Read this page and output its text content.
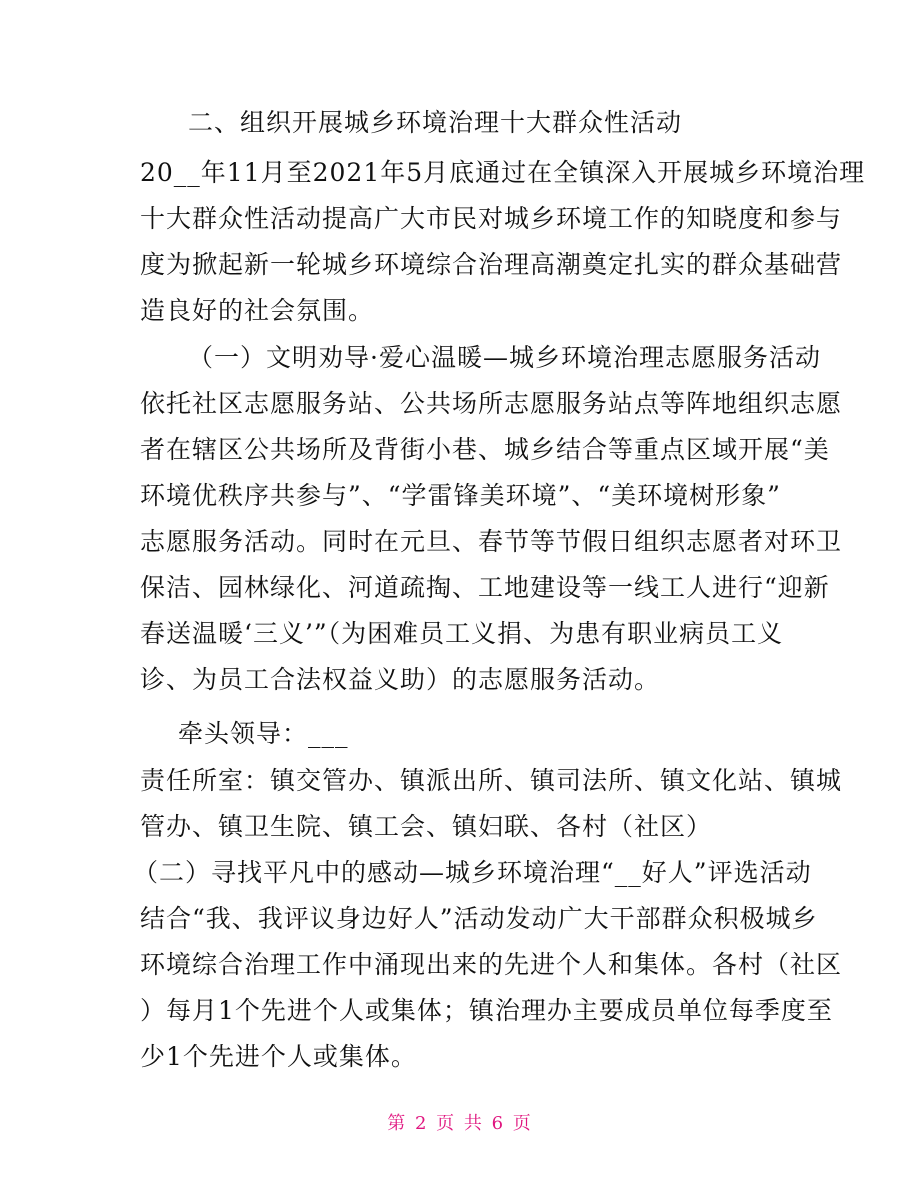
二、组织开展城乡环境治理十大群众性活动
20__年11月至2021年5月底通过在全镇深入开展城乡环境治理
十大群众性活动提高广大市民对城乡环境工作的知晓度和参与
度为掀起新一轮城乡环境综合治理高潮奠定扎实的群众基础营
造良好的社会氛围。
（一）文明劝导·爱心温暖—城乡环境治理志愿服务活动
依托社区志愿服务站、公共场所志愿服务站点等阵地组织志愿
者在辖区公共场所及背街小巷、城乡结合等重点区域开展“美
环境优秩序共参与”、“学雷锋美环境”、“美环境树形象”
志愿服务活动。同时在元旦、春节等节假日组织志愿者对环卫
保洁、园林绿化、河道疏掏、工地建设等一线工人进行“迎新
春送温暖‘三义’”（为困难员工义捐、为患有职业病员工义
诊、为员工合法权益义助）的志愿服务活动。
牵头领导：___
责任所室：镇交管办、镇派出所、镇司法所、镇文化站、镇城
管办、镇卫生院、镇工会、镇妇联、各村（社区）
（二）寻找平凡中的感动—城乡环境治理“__好人”评选活动
结合“我、我评议身边好人”活动发动广大干部群众积极城乡
环境综合治理工作中涌现出来的先进个人和集体。各村（社区
）每月1个先进个人或集体；镇治理办主要成员单位每季度至
少1个先进个人或集体。
第 2 页 共 6 页
